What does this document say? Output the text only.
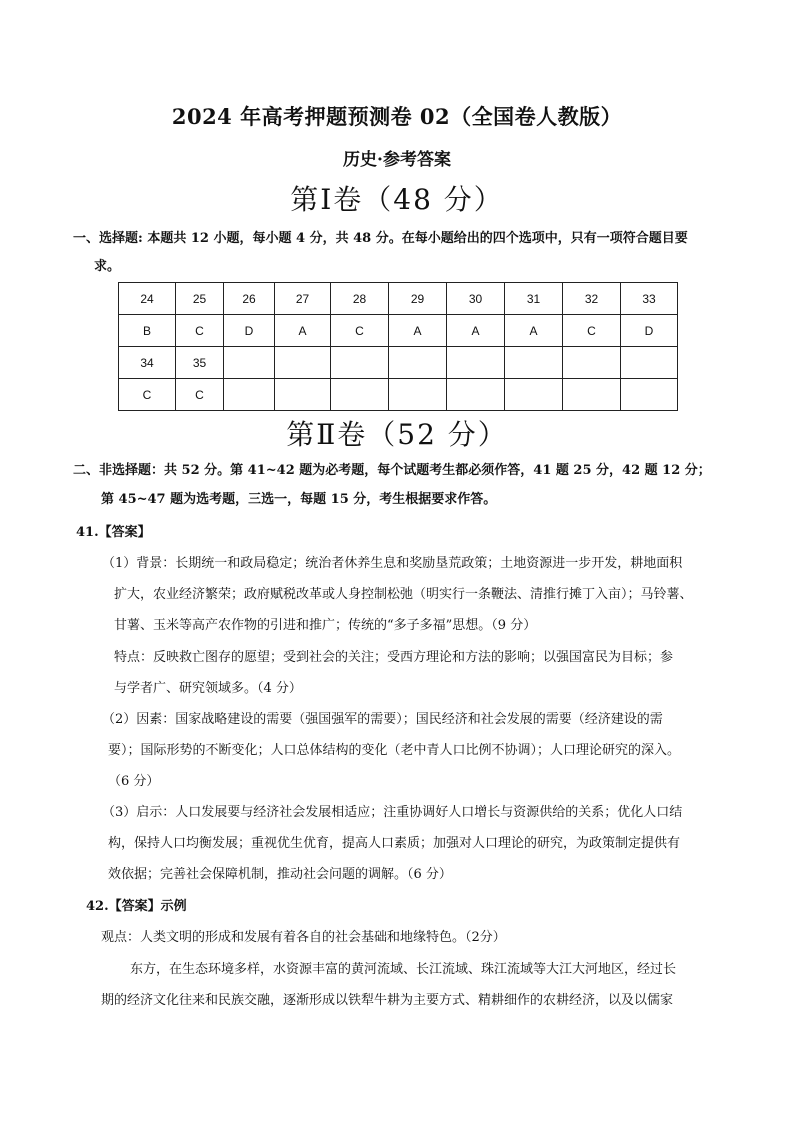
2024 年高考押题预测卷 02（全国卷人教版）
历史·参考答案
第Ⅰ卷（48 分）
一、选择题: 本题共 12 小题，每小题 4 分，共 48 分。在每小题给出的四个选项中，只有一项符合题目要
求。
24	25	26	27	28	29	30	31	32	33
B	C	D	A	C	A	A	A	C	D
34	35								
C	C								
第Ⅱ卷（52 分）
二、非选择题：共 52 分。第 41~42 题为必考题，每个试题考生都必须作答，41 题 25 分，42 题 12 分；
第 45~47 题为选考题，三选一，每题 15 分，考生根据要求作答。
41.【答案】
（1）背景：长期统一和政局稳定；统治者休养生息和奖励垦荒政策；土地资源进一步开发，耕地面积
扩大，农业经济繁荣；政府赋税改革或人身控制松弛（明实行一条鞭法、清推行摊丁入亩）；马铃薯、
甘薯、玉米等高产农作物的引进和推广；传统的“多子多福”思想。（9 分）
特点：反映救亡图存的愿望；受到社会的关注；受西方理论和方法的影响；以强国富民为目标；参
与学者广、研究领域多。（4 分）
（2）因素：国家战略建设的需要（强国强军的需要）；国民经济和社会发展的需要（经济建设的需
要）；国际形势的不断变化；人口总体结构的变化（老中青人口比例不协调）；人口理论研究的深入。
（6 分）
（3）启示：人口发展要与经济社会发展相适应；注重协调好人口增长与资源供给的关系；优化人口结
构，保持人口均衡发展；重视优生优育，提高人口素质；加强对人口理论的研究，为政策制定提供有
效依据；完善社会保障机制，推动社会问题的调解。（6 分）
42.【答案】示例
观点：人类文明的形成和发展有着各自的社会基础和地缘特色。（2分）
东方，在生态环境多样，水资源丰富的黄河流域、长江流域、珠江流域等大江大河地区，经过长
期的经济文化往来和民族交融，逐渐形成以铁犁牛耕为主要方式、精耕细作的农耕经济，以及以儒家
